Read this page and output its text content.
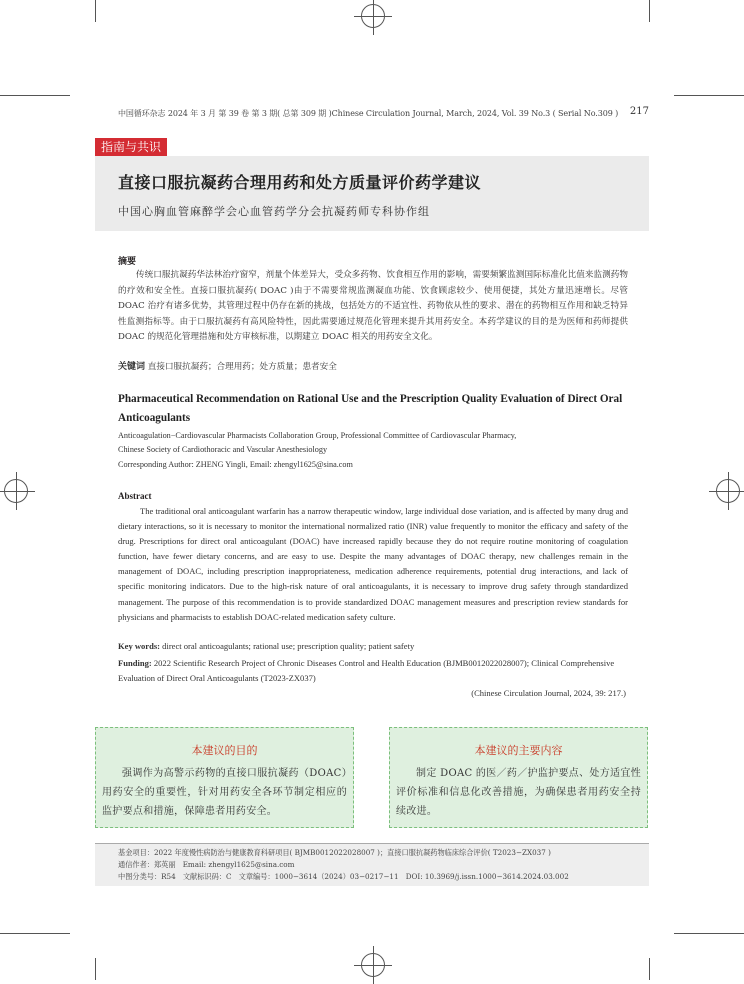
中国循环杂志 2024 年 3 月 第 39 卷 第 3 期( 总第 309 期 )Chinese Circulation Journal, March, 2024, Vol. 39 No.3 ( Serial No.309 )	217
指南与共识
直接口服抗凝药合理用药和处方质量评价药学建议
中国心胸血管麻醉学会心血管药学分会抗凝药师专科协作组
摘要
传统口服抗凝药华法林治疗窗窄，剂量个体差异大，受众多药物、饮食相互作用的影响，需要频繁监测国际标准化比值来监测药物的疗效和安全性。直接口服抗凝药( DOAC )由于不需要常规监测凝血功能、饮食顾虑较少、使用便捷，其处方量迅速增长。尽管 DOAC 治疗有诸多优势，其管理过程中仍存在新的挑战，包括处方的不适宜性、药物依从性的要求、潜在的药物相互作用和缺乏特异性监测指标等。由于口服抗凝药有高风险特性，因此需要通过规范化管理来提升其用药安全。本药学建议的目的是为医师和药师提供 DOAC 的规范化管理措施和处方审核标准，以期建立 DOAC 相关的用药安全文化。
关键词 直接口服抗凝药；合理用药；处方质量；患者安全
Pharmaceutical Recommendation on Rational Use and the Prescription Quality Evaluation of Direct Oral Anticoagulants
Anticoagulation−Cardiovascular Pharmacists Collaboration Group, Professional Committee of Cardiovascular Pharmacy,
Chinese Society of Cardiothoracic and Vascular Anesthesiology
Corresponding Author: ZHENG Yingli, Email: zhengyl1625@sina.com
Abstract
The traditional oral anticoagulant warfarin has a narrow therapeutic window, large individual dose variation, and is affected by many drug and dietary interactions, so it is necessary to monitor the international normalized ratio (INR) value frequently to monitor the efficacy and safety of the drug. Prescriptions for direct oral anticoagulant (DOAC) have increased rapidly because they do not require routine monitoring of coagulation function, have fewer dietary concerns, and are easy to use. Despite the many advantages of DOAC therapy, new challenges remain in the management of DOAC, including prescription inappropriateness, medication adherence requirements, potential drug interactions, and lack of specific monitoring indicators. Due to the high-risk nature of oral anticoagulants, it is necessary to improve drug safety through standardized management. The purpose of this recommendation is to provide standardized DOAC management measures and prescription review standards for physicians and pharmacists to establish DOAC-related medication safety culture.
Key words: direct oral anticoagulants; rational use; prescription quality; patient safety
Funding: 2022 Scientific Research Project of Chronic Diseases Control and Health Education (BJMB0012022028007); Clinical Comprehensive Evaluation of Direct Oral Anticoagulants (T2023-ZX037)
(Chinese Circulation Journal, 2024, 39: 217.)
本建议的目的
强调作为高警示药物的直接口服抗凝药（DOAC）用药安全的重要性，针对用药安全各环节制定相应的监护要点和措施，保障患者用药安全。
本建议的主要内容
制定 DOAC 的医／药／护监护要点、处方适宜性评价标准和信息化改善措施，为确保患者用药安全持续改进。
基金项目：2022 年度慢性病防治与健康教育科研项目( BJMB0012022028007 )；直接口服抗凝药物临床综合评价( T2023−ZX037 )
通信作者：郑英丽　Email: zhengyl1625@sina.com
中图分类号：R54　文献标识码：C　文章编号：1000−3614（2024）03−0217−11　DOI: 10.3969/j.issn.1000−3614.2024.03.002
